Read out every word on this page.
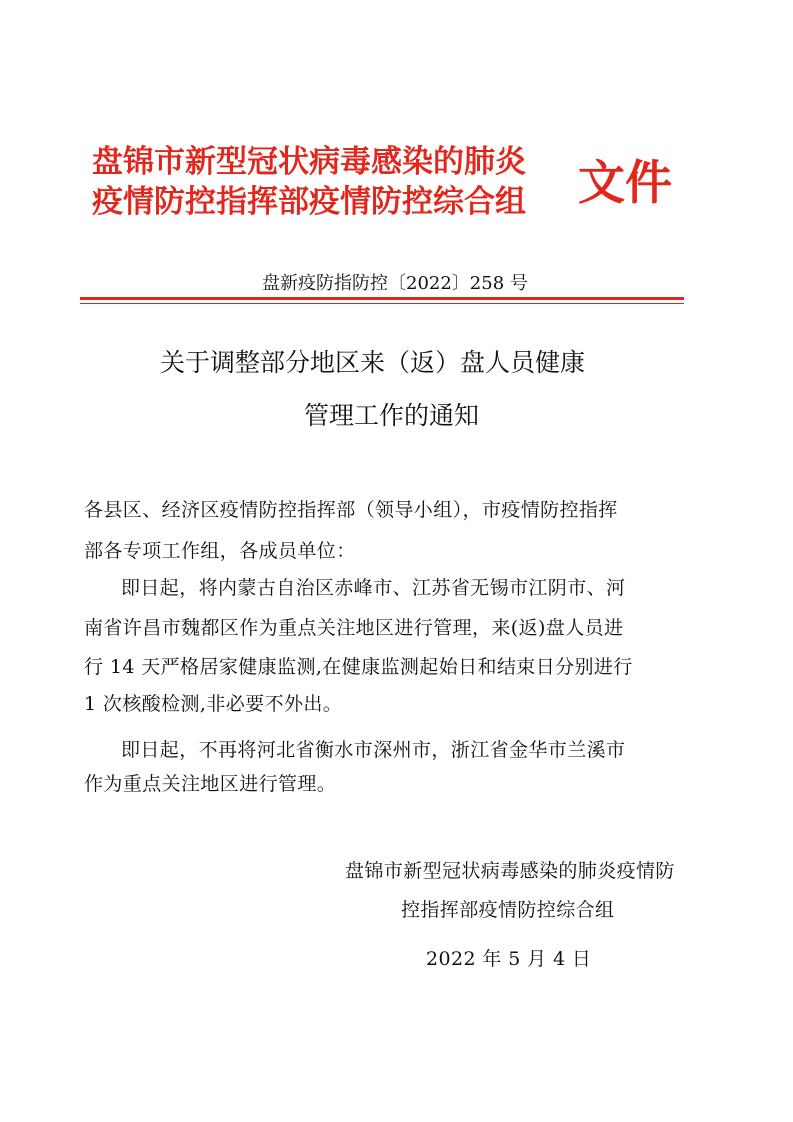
盘锦市新型冠状病毒感染的肺炎
疫情防控指挥部疫情防控综合组 文件
盘新疫防指防控〔2022〕258 号
关于调整部分地区来（返）盘人员健康
管理工作的通知
各县区、经济区疫情防控指挥部（领导小组），市疫情防控指挥
部各专项工作组，各成员单位：
即日起，将内蒙古自治区赤峰市、江苏省无锡市江阴市、河
南省许昌市魏都区作为重点关注地区进行管理，来(返)盘人员进
行 14 天严格居家健康监测,在健康监测起始日和结束日分别进行
1 次核酸检测,非必要不外出。
即日起，不再将河北省衡水市深州市，浙江省金华市兰溪市
作为重点关注地区进行管理。
盘锦市新型冠状病毒感染的肺炎疫情防
控指挥部疫情防控综合组
2022 年 5 月 4 日
